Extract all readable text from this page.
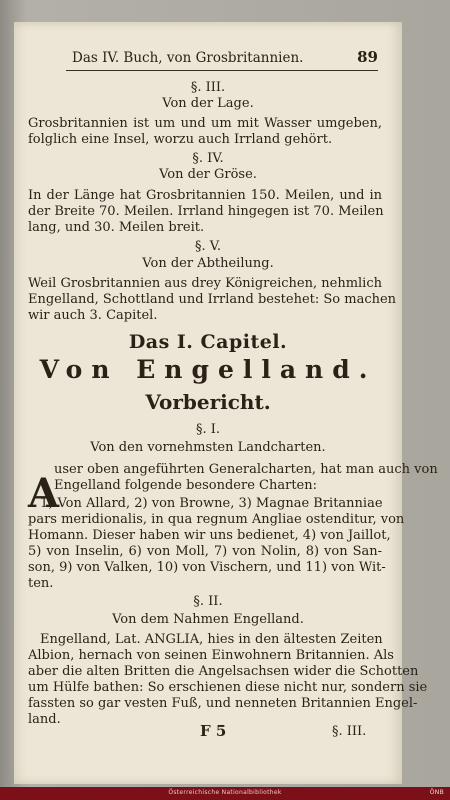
Das IV. Buch, von Grosbritannien.	89
§. III.
Von der Lage.
Grosbritannien ist um und um mit Wasser umgeben,
folglich eine Insel, worzu auch Irrland gehört.
§. IV.
Von der Gröse.
In der Länge hat Grosbritannien 150. Meilen, und in
der Breite 70. Meilen. Irrland hingegen ist 70. Meilen
lang, und 30. Meilen breit.
§. V.
Von der Abtheilung.
Weil Grosbritannien aus drey Königreichen, nehmlich
Engelland, Schottland und Irrland bestehet: So machen
wir auch 3. Capitel.
Das I. Capitel.
Von Engelland.
Vorbericht.
§. I.
Von den vornehmsten Landcharten.
user oben angeführten Generalcharten, hat man auch von
Engelland folgende besondere Charten:
1) Von Allard, 2) von Browne, 3) Magnae Britanniae
pars meridionalis, in qua regnum Angliae ostenditur, von
Homann. Dieser haben wir uns bedienet, 4) von Jaillot,
5) von Inselin, 6) von Moll, 7) von Nolin, 8) von San-
son, 9) von Valken, 10) von Vischern, und 11) von Wit-
ten.
§. II.
Von dem Nahmen Engelland.
Engelland, Lat. ANGLIA, hies in den ältesten Zeiten
Albion, hernach von seinen Einwohnern Britannien. Als
aber die alten Britten die Angelsachsen wider die Schotten
um Hülfe bathen: So erschienen diese nicht nur, sondern sie
fassten so gar vesten Fuß, und nenneten Britannien Engel-
land.
A
F 5	§. III.
Österreichische Nationalbibliothek	ÖNB
